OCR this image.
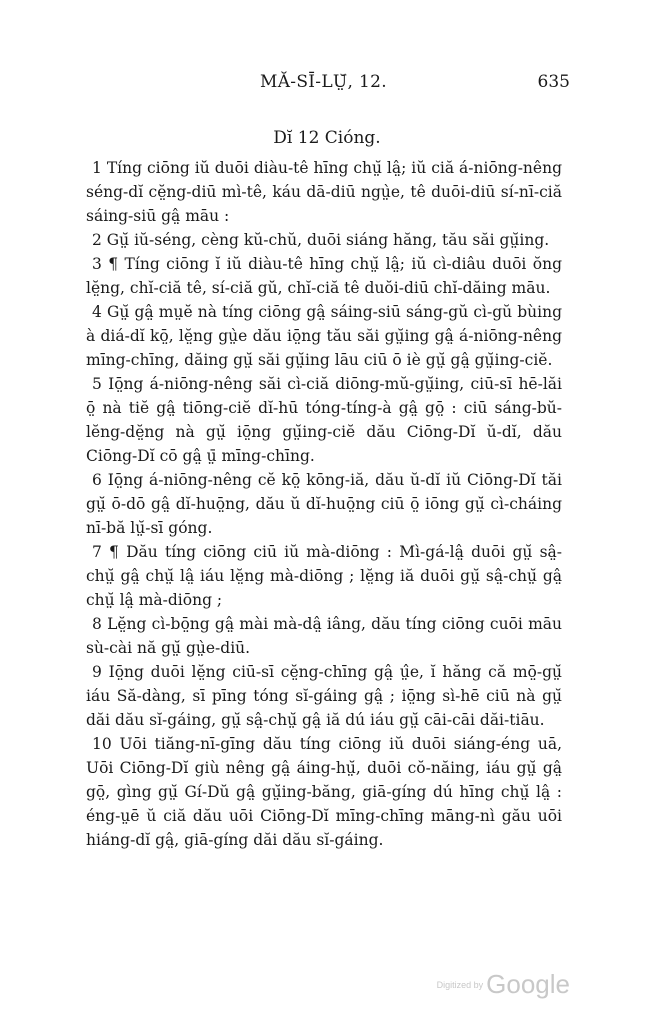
MĂ-SĪ-LṲ̆, 12.	635
Dĭ 12 Cióng.

1 Tíng ciōng iŭ duōi diàu-tê hīng chṳ̆ lâ̤; iŭ ciă á-niōng-nêng séng-dĭ cĕ̤ng-diū mì-tê, káu dā-diū ngṳ̀e, tê duōi-diū sí-nī-ciă sáing-siū gâ̤ māu :

2 Gṳ̆ iŭ-séng, cèng kŭ-chŭ, duōi siáng hăng, tău săi gṳ̆ing.

3 ¶ Tíng ciōng ĭ iŭ diàu-tê hīng chṳ̆ lâ̤; iŭ cì-diâu duōi ŏng lĕ̤ng, chĭ-ciă tê, sí-ciă gŭ, chĭ-ciă tê duŏi-diū chĭ-dăing māu.

4 Gṳ̆ gâ̤ mṳĕ nà tíng ciōng gâ̤ sáing-siū sáng-gŭ cì-gŭ bùing à diá-dĭ kō̤, lĕ̤ng gṳ̀e dău iō̤ng tău săi gṳ̆ing gâ̤ á-niōng-nêng mīng-chīng, dăing gṳ̆ săi gṳ̆ing lāu ciū ō iè gṳ̆ gâ̤ gṳ̆ing-ciĕ.

5 Iō̤ng á-niōng-nêng săi cì-ciă diōng-mŭ-gṳ̆ing, ciū-sī hē-lăi ō̤ nà tiĕ gâ̤ tiōng-ciĕ dĭ-hū tóng-tíng-à gâ̤ gō̤ : ciū sáng-bŭ-lĕng-dĕ̤ng nà gṳ̆ iō̤ng gṳ̆ing-ciĕ dău Ciōng-Dĭ ŭ-dĭ, dău Ciōng-Dĭ cō gâ̤ ṳ̄ mīng-chīng.

6 Iō̤ng á-niōng-nêng cĕ kō̤ kōng-iă, dău ŭ-dĭ iŭ Ciōng-Dĭ tăi gṳ̆ ō-dō gâ̤ dĭ-huō̤ng, dău ŭ dĭ-huō̤ng ciū ō̤ iōng gṳ̆ cì-cháing nī-bă lṳ̆-sī góng.

7 ¶ Dău tíng ciōng ciū iŭ mà-diōng : Mì-gá-lâ̤ duōi gṳ̆ sâ̤-chṳ̆ gâ̤ chṳ̆ lâ̤ iáu lĕ̤ng mà-diōng ; lĕ̤ng iă duōi gṳ̆ sâ̤-chṳ̆ gâ̤ chṳ̆ lâ̤ mà-diōng ;

8 Lĕ̤ng cì-bō̤ng gâ̤ mài mà-dâ̤ iâng, dău tíng ciōng cuōi māu sù-cài nă gṳ̆ gṳ̀e-diū.

9 Iō̤ng duōi lĕ̤ng ciū-sī cĕ̤ng-chīng gâ̤ ṳ̂e, ĭ hăng că mō̤-gṳ̆ iáu Să-dàng, sī pīng tóng sĭ-gáing gâ̤ ; iō̤ng sì-hē ciū nà gṳ̆ dăi dău sĭ-gáing, gṳ̆ sâ̤-chṳ̆ gâ̤ iă dú iáu gṳ̆ cāi-cāi dăi-tiāu.

10 Uōi tiăng-nī-gīng dău tíng ciōng iŭ duōi siáng-éng uā, Uōi Ciōng-Dĭ giù nêng gâ̤ áing-hṳ̆, duōi cŏ-năing, iáu gṳ̆ gâ̤ gō̤, gìng gṳ̆ Gí-Dŭ gâ̤ gṳ̆ing-băng, giā-gíng dú hīng chṳ̆ lâ̤ : éng-ṳē ŭ ciă dău uōi Ciōng-Dĭ mīng-chīng māng-nì gău uōi hiáng-dĭ gâ̤, giā-gíng dăi dău sĭ-gáing.

Digitized by Google
